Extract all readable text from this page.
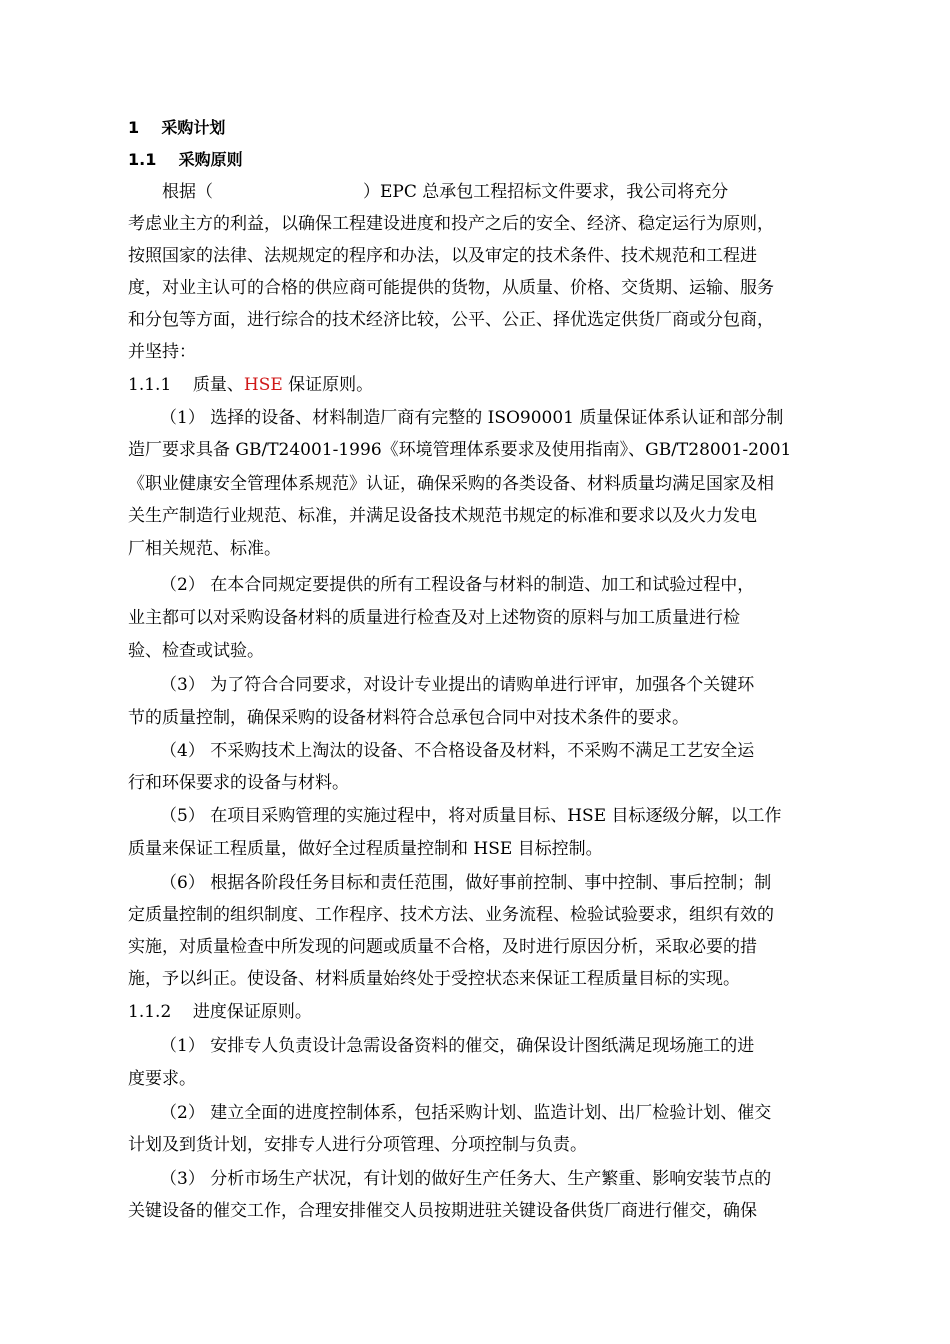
1 采购计划
1.1 采购原则
根据（	）EPC 总承包工程招标文件要求，我公司将充分
考虑业主方的利益，以确保工程建设进度和投产之后的安全、经济、稳定运行为原则，
按照国家的法律、法规规定的程序和办法，以及审定的技术条件、技术规范和工程进
度，对业主认可的合格的供应商可能提供的货物，从质量、价格、交货期、运输、服务
和分包等方面，进行综合的技术经济比较，公平、公正、择优选定供货厂商或分包商，
并坚持：
1.1.1 质量、HSE 保证原则。
（1） 选择的设备、材料制造厂商有完整的 ISO90001 质量保证体系认证和部分制
造厂要求具备 GB/T24001-1996《环境管理体系要求及使用指南》、GB/T28001-2001
《职业健康安全管理体系规范》认证，确保采购的各类设备、材料质量均满足国家及相
关生产制造行业规范、标准，并满足设备技术规范书规定的标准和要求以及火力发电
厂相关规范、标准。
（2） 在本合同规定要提供的所有工程设备与材料的制造、加工和试验过程中，
业主都可以对采购设备材料的质量进行检查及对上述物资的原料与加工质量进行检
验、检查或试验。
（3） 为了符合合同要求，对设计专业提出的请购单进行评审，加强各个关键环
节的质量控制，确保采购的设备材料符合总承包合同中对技术条件的要求。
（4） 不采购技术上淘汰的设备、不合格设备及材料，不采购不满足工艺安全运
行和环保要求的设备与材料。
（5） 在项目采购管理的实施过程中，将对质量目标、HSE 目标逐级分解，以工作
质量来保证工程质量，做好全过程质量控制和 HSE 目标控制。
（6） 根据各阶段任务目标和责任范围，做好事前控制、事中控制、事后控制；制
定质量控制的组织制度、工作程序、技术方法、业务流程、检验试验要求，组织有效的
实施，对质量检查中所发现的问题或质量不合格，及时进行原因分析，采取必要的措
施，予以纠正。使设备、材料质量始终处于受控状态来保证工程质量目标的实现。
1.1.2 进度保证原则。
（1） 安排专人负责设计急需设备资料的催交，确保设计图纸满足现场施工的进
度要求。
（2） 建立全面的进度控制体系，包括采购计划、监造计划、出厂检验计划、催交
计划及到货计划，安排专人进行分项管理、分项控制与负责。
（3） 分析市场生产状况，有计划的做好生产任务大、生产繁重、影响安装节点的
关键设备的催交工作，合理安排催交人员按期进驻关键设备供货厂商进行催交，确保
